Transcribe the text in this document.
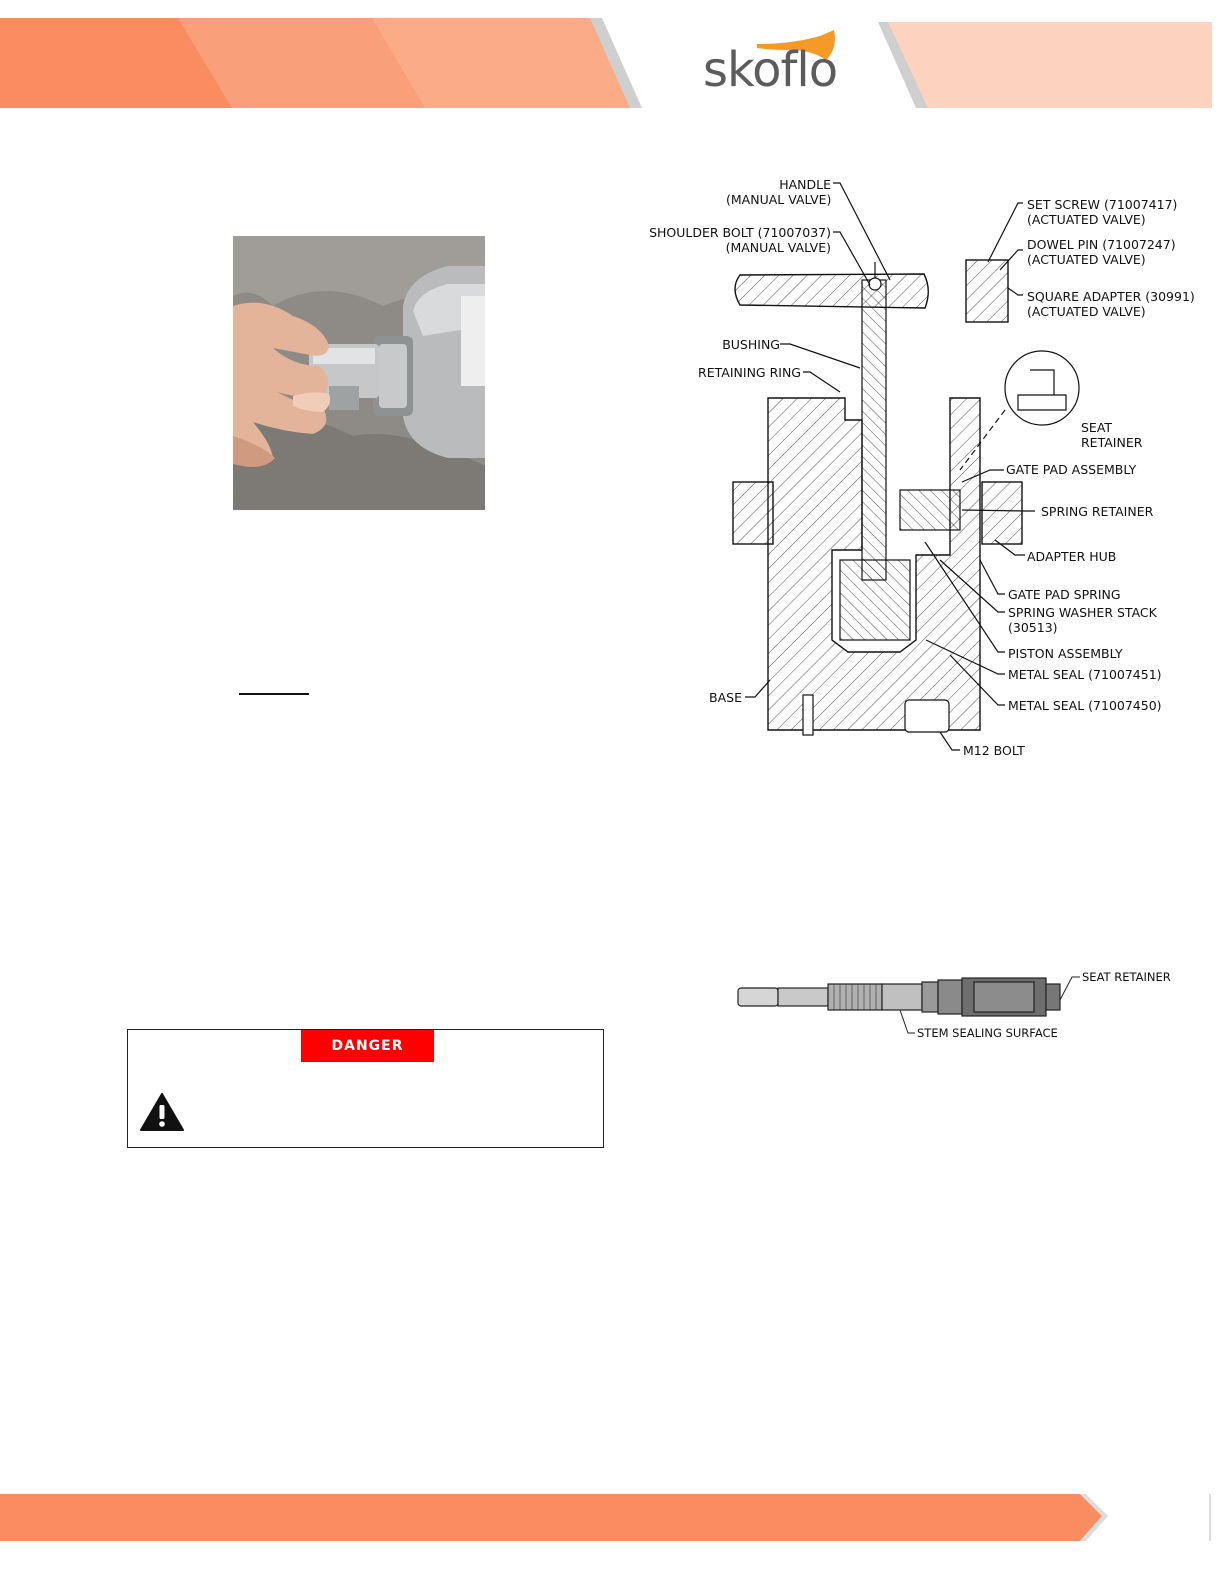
skoflo
HANDLE
(MANUAL VALVE)
SHOULDER BOLT (71007037)
(MANUAL VALVE)
SET SCREW (71007417)
(ACTUATED VALVE)
DOWEL PIN (71007247)
(ACTUATED VALVE)
SQUARE ADAPTER (30991)
(ACTUATED VALVE)
BUSHING
RETAINING RING
SEAT
RETAINER
GATE PAD ASSEMBLY
SPRING RETAINER
ADAPTER HUB
GATE PAD SPRING
SPRING WASHER STACK
(30513)
PISTON ASSEMBLY
METAL SEAL (71007451)
METAL SEAL (71007450)
BASE
M12 BOLT
SEAT RETAINER
STEM SEALING SURFACE
DANGER
